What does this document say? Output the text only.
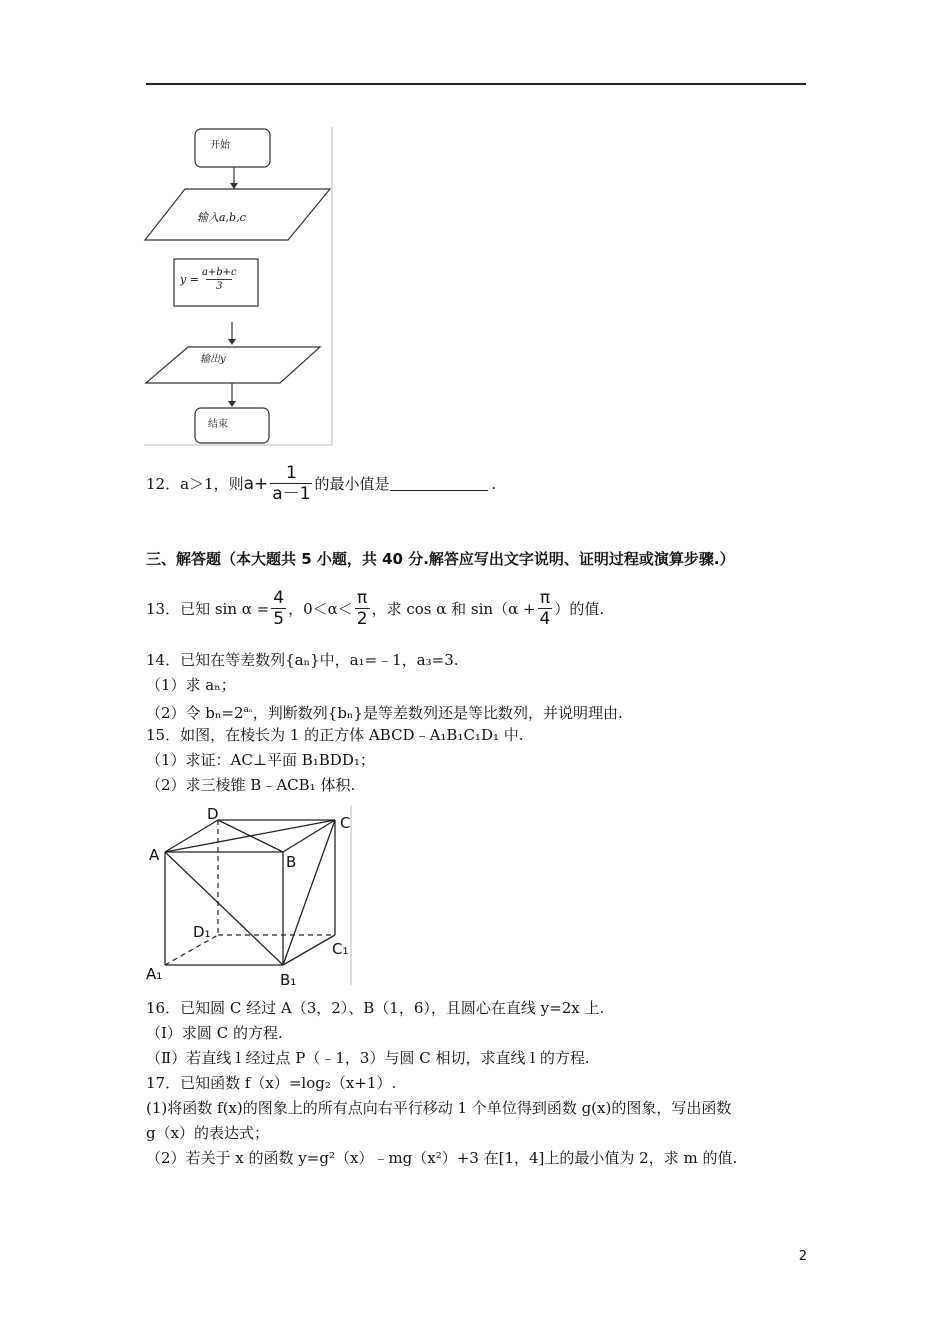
开始
输入a,b,c
$y = \frac{a+b+c}{3}$
输出y
结束
12．a＞1，则 $a+ \frac{1}{a-1}$ 的最小值是	.
三、解答题（本大题共 5 小题，共 40 分.解答应写出文字说明、证明过程或演算步骤.）
13．已知 $\sin \alpha = \frac{4}{5}$ ，$0<\alpha< \frac{\pi}{2}$ ，求 cos α 和 $\sin(\alpha + \frac{\pi}{4}$ ）的值.
14．已知在等差数列{aₙ}中，a₁=﹣1，a₃=3.
（1）求 aₙ；
（2）令 $b_n=2^{a_n}$，判断数列{bₙ}是等差数列还是等比数列，并说明理由.
15．如图，在棱长为 1 的正方体 ABCD﹣A₁B₁C₁D₁ 中.
（1）求证：AC⊥平面 B₁BDD₁；
（2）求三棱锥 B﹣ACB₁ 体积.
D	C
A	B
D₁
C₁
A₁	B₁
16．已知圆 C 经过 A（3，2）、B（1，6），且圆心在直线 y=2x 上.
（Ⅰ）求圆 C 的方程.
（Ⅱ）若直线 l 经过点 P（﹣1，3）与圆 C 相切，求直线 l 的方程.
17．已知函数 f（x）=log₂（x+1）.
(1)将函数 f(x)的图象上的所有点向右平行移动 1 个单位得到函数 g(x)的图象，写出函数
g（x）的表达式；
（2）若关于 x 的函数 y=g²（x）﹣mg（x²）+3 在[1，4]上的最小值为 2，求 m 的值.
2
